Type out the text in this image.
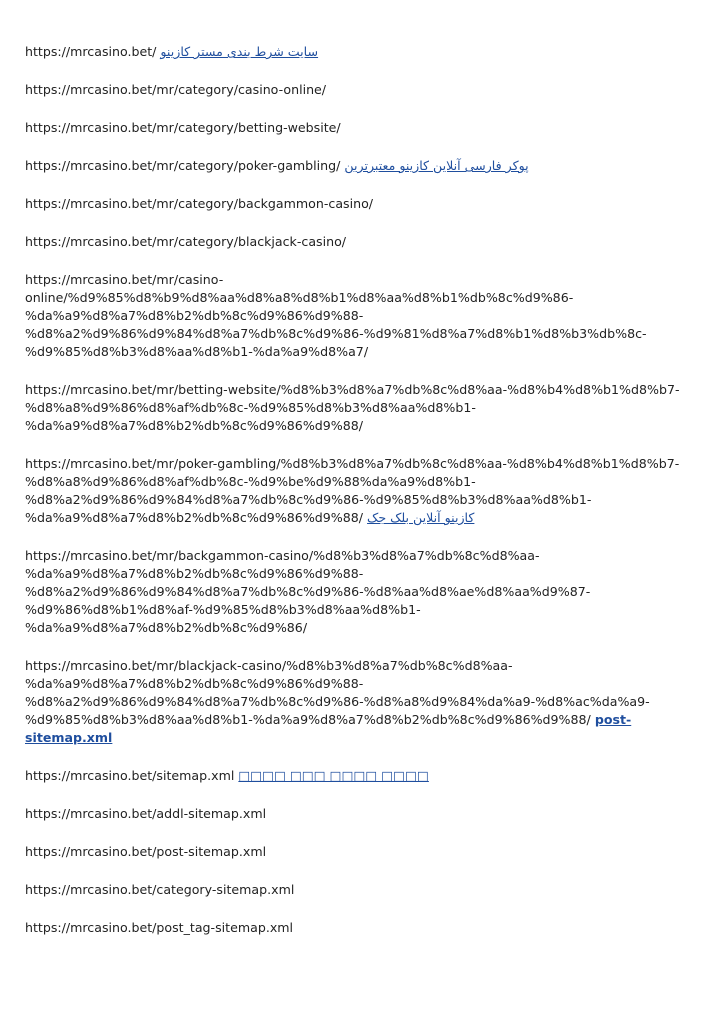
https://mrcasino.bet/ سایت شرط بندی مستر کازینو

https://mrcasino.bet/mr/category/casino-online/

https://mrcasino.bet/mr/category/betting-website/

https://mrcasino.bet/mr/category/poker-gambling/ پوکر فارسی آنلاین کازینو معتبرترین

https://mrcasino.bet/mr/category/backgammon-casino/

https://mrcasino.bet/mr/category/blackjack-casino/

https://mrcasino.bet/mr/casino-online/%d9%85%d8%b9%d8%aa%d8%a8%d8%b1%d8%aa%d8%b1%db%8c%d9%86-%da%a9%d8%a7%d8%b2%db%8c%d9%86%d9%88-%d8%a2%d9%86%d9%84%d8%a7%db%8c%d9%86-%d9%81%d8%a7%d8%b1%d8%b3%db%8c-%d9%85%d8%b3%d8%aa%d8%b1-%da%a9%d8%a7/

https://mrcasino.bet/mr/betting-website/%d8%b3%d8%a7%db%8c%d8%aa-%d8%b4%d8%b1%d8%b7-%d8%a8%d9%86%d8%af%db%8c-%d9%85%d8%b3%d8%aa%d8%b1-%da%a9%d8%a7%d8%b2%db%8c%d9%86%d9%88/

https://mrcasino.bet/mr/poker-gambling/%d8%b3%d8%a7%db%8c%d8%aa-%d8%b4%d8%b1%d8%b7-%d8%a8%d9%86%d8%af%db%8c-%d9%be%d9%88%da%a9%d8%b1-%d8%a2%d9%86%d9%84%d8%a7%db%8c%d9%86-%d9%85%d8%b3%d8%aa%d8%b1-%da%a9%d8%a7%d8%b2%db%8c%d9%86%d9%88/ کازینو آنلاین بلک جک

https://mrcasino.bet/mr/backgammon-casino/%d8%b3%d8%a7%db%8c%d8%aa-%da%a9%d8%a7%d8%b2%db%8c%d9%86%d9%88-%d8%a2%d9%86%d9%84%d8%a7%db%8c%d9%86-%d8%aa%d8%ae%d8%aa%d9%87-%d9%86%d8%b1%d8%af-%d9%85%d8%b3%d8%aa%d8%b1-%da%a9%d8%a7%d8%b2%db%8c%d9%86/

https://mrcasino.bet/mr/blackjack-casino/%d8%b3%d8%a7%db%8c%d8%aa-%da%a9%d8%a7%d8%b2%db%8c%d9%86%d9%88-%d8%a2%d9%86%d9%84%d8%a7%db%8c%d9%86-%d8%a8%d9%84%da%a9-%d8%ac%da%a9-%d9%85%d8%b3%d8%aa%d8%b1-%da%a9%d8%a7%d8%b2%db%8c%d9%86%d9%88/ post-sitemap.xml

https://mrcasino.bet/sitemap.xml □□□□ □□□ □□□□ □□□□

https://mrcasino.bet/addl-sitemap.xml

https://mrcasino.bet/post-sitemap.xml

https://mrcasino.bet/category-sitemap.xml

https://mrcasino.bet/post_tag-sitemap.xml
